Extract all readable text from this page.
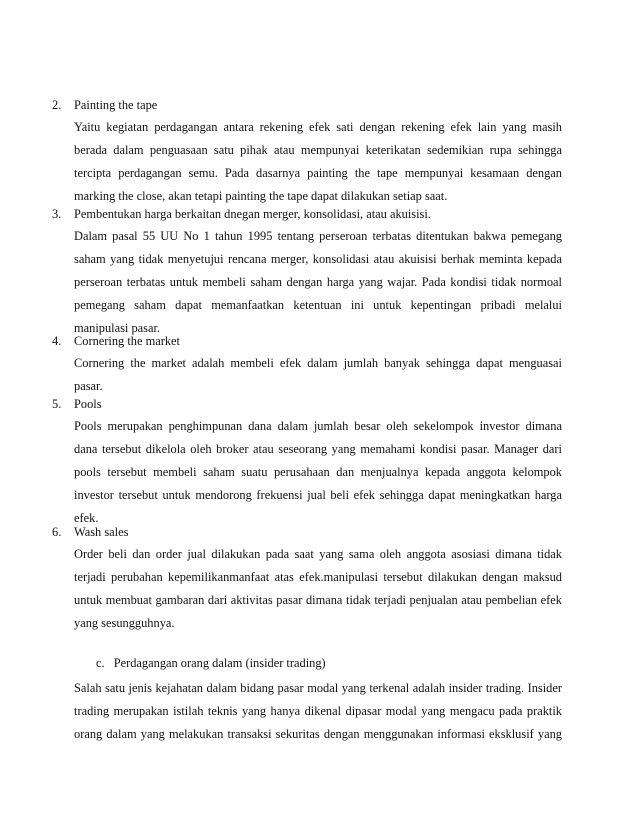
2.	Painting the tape
Yaitu kegiatan perdagangan antara rekening efek sati dengan rekening efek lain yang masih
berada dalam penguasaan satu pihak atau mempunyai keterikatan sedemikian rupa sehingga
tercipta perdagangan semu. Pada dasarnya painting the tape mempunyai kesamaan dengan
marking the close, akan tetapi painting the tape dapat dilakukan setiap saat.
3.	Pembentukan harga berkaitan dnegan merger, konsolidasi, atau akuisisi.
Dalam pasal 55 UU No 1 tahun 1995 tentang perseroan terbatas ditentukan bakwa pemegang
saham yang tidak menyetujui rencana merger, konsolidasi atau akuisisi berhak meminta kepada
perseroan terbatas untuk membeli saham dengan harga yang wajar. Pada kondisi tidak normoal
pemegang saham dapat memanfaatkan ketentuan ini untuk kepentingan pribadi melalui
manipulasi pasar.
4.	Cornering the market
Cornering the market adalah membeli efek dalam jumlah banyak sehingga dapat menguasai
pasar.
5.	Pools
Pools merupakan penghimpunan dana dalam jumlah besar oleh sekelompok investor dimana
dana tersebut dikelola oleh broker atau seseorang yang memahami kondisi pasar. Manager dari
pools tersebut membeli saham suatu perusahaan dan menjualnya kepada anggota kelompok
investor tersebut untuk mendorong frekuensi jual beli efek sehingga dapat meningkatkan harga
efek.
6.	Wash sales
Order beli dan order jual dilakukan pada saat yang sama oleh anggota asosiasi dimana tidak
terjadi perubahan kepemilikanmanfaat atas efek.manipulasi tersebut dilakukan dengan maksud
untuk membuat gambaran dari aktivitas pasar dimana tidak terjadi penjualan atau pembelian efek
yang sesungguhnya.
c. Perdagangan orang dalam (insider trading)
Salah satu jenis kejahatan dalam bidang pasar modal yang terkenal adalah insider trading. Insider
trading merupakan istilah teknis yang hanya dikenal dipasar modal yang mengacu pada praktik
orang dalam yang melakukan transaksi sekuritas dengan menggunakan informasi eksklusif yang
